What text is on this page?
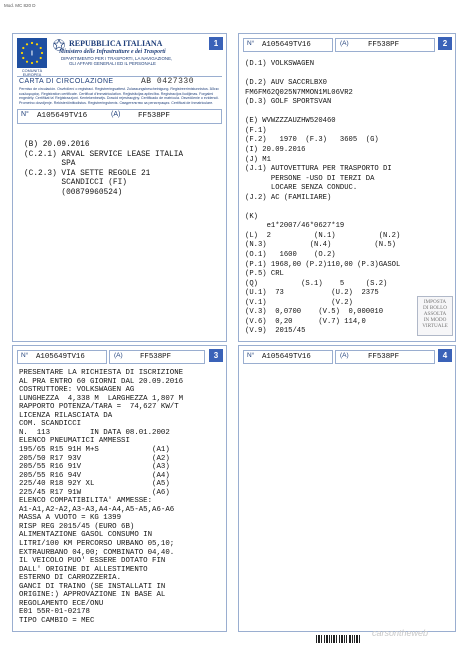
Mod. MC 820 D
1
I
COMUNITÀ EUROPEA
REPUBBLICA ITALIANA
Ministero delle Infrastrutture e dei Trasporti
DIPARTIMENTO PER I TRASPORTI, LA NAVIGAZIONE,
GLI AFFARI GENERALI ED IL PERSONALE
CARTA DI CIRCOLAZIONE	AB 0427330
Permiso de circulación. Osvědčení o registraci. Registreringsattest. Zulassungsbescheinigung. Registreerimistunnistus. Άδεια
κυκλοφορίας. Registration certificate. Certificat d'immatriculation. Reģistrācijas apliecība. Registracijos liudijimas. Forgalmi
engedély. Ċertifikat ta' Reġistrazzjoni. Kentekenbewijs. Dowód rejestracyjny. Certificado de matrícula. Osvedčenie o evidencii.
Prometno dovoljenje. Rekisteröintitodistus. Registreringsbevis. Свидетелство за регистрация. Certificat de înmatriculare.
N° A105649TV16	(A) FF538PF
(B) 20.09.2016
(C.2.1) ARVAL SERVICE LEASE ITALIA
SPA
(C.2.3) VIA SETTE REGOLE 21
SCANDICCI (FI)
(00879960524)
2
N° A105649TV16	(A)	FF538PF
(D.1) VOLKSWAGEN
(D.2) AUV SACCRLBX0
FM6FM62Q025N7MMON1ML06VR2
(D.3) GOLF SPORTSVAN
(E) WVWZZZAUZHW520460
(F.1)
(F.2)   1970  (F.3)   3605  (G)
(I) 20.09.2016
(J) M1
(J.1) AUTOVETTURA PER TRASPORTO DI
PERSONE -USO DI TERZI DA
LOCARE SENZA CONDUC.
(J.2) AC (FAMILIARE)
(K)
e1*2007/46*0627*19
(L)  2          (N.1)          (N.2)
(N.3)          (N.4)          (N.5)
(O.1)   1600    (O.2)
(P.1) 1968,00 (P.2)110,00 (P.3)GASOL
(P.5) CRL
(Q)          (S.1)    5     (S.2)
(U.1)  73           (U.2)  2375
(V.1)               (V.2)
(V.3)  0,0700    (V.5)  0,000010
(V.6)  0,20      (V.7) 114,0
(V.9)  2015/45
IMPOSTA
DI BOLLO
ASSOLTA
IN MODO
VIRTUALE
3
N° A105649TV16	(A) FF538PF
PRESENTARE LA RICHIESTA DI ISCRIZIONE
AL PRA ENTRO 60 GIORNI DAL 20.09.2016
COSTRUTTORE: VOLKSWAGEN AG
LUNGHEZZA  4,338 M  LARGHEZZA 1,807 M
RAPPORTO POTENZA/TARA =  74,627 KW/T
LICENZA RILASCIATA DA
COM. SCANDICCI
N.  113         IN DATA 08.01.2002
ELENCO PNEUMATICI AMMESSI
195/65 R15 91H M+S            (A1)
205/50 R17 93V                (A2)
205/55 R16 91V                (A3)
205/55 R16 94V                (A4)
225/40 R18 92Y XL             (A5)
225/45 R17 91W                (A6)
ELENCO COMPATIBILITA' AMMESSE:
A1-A1,A2-A2,A3-A3,A4-A4,A5-A5,A6-A6
MASSA A VUOTO = KG 1399
RISP REG 2015/45 (EURO 6B)
ALIMENTAZIONE GASOL CONSUMO IN
LITRI/100 KM PERCORSO URBANO 05,10;
EXTRAURBANO 04,00; COMBINATO 04,40.
IL VEICOLO PUO' ESSERE DOTATO FIN
DALL' ORIGINE DI ALLESTIMENTO
ESTERNO DI CARROZZERIA.
GANCI DI TRAINO (SE INSTALLATI IN
ORIGINE:) APPROVAZIONE IN BASE AL
REGOLAMENTO ECE/ONU
E01 55R-01-02178
TIPO CAMBIO = MEC
4
N° A105649TV16	(A)	FF538PF
carsontheweb
